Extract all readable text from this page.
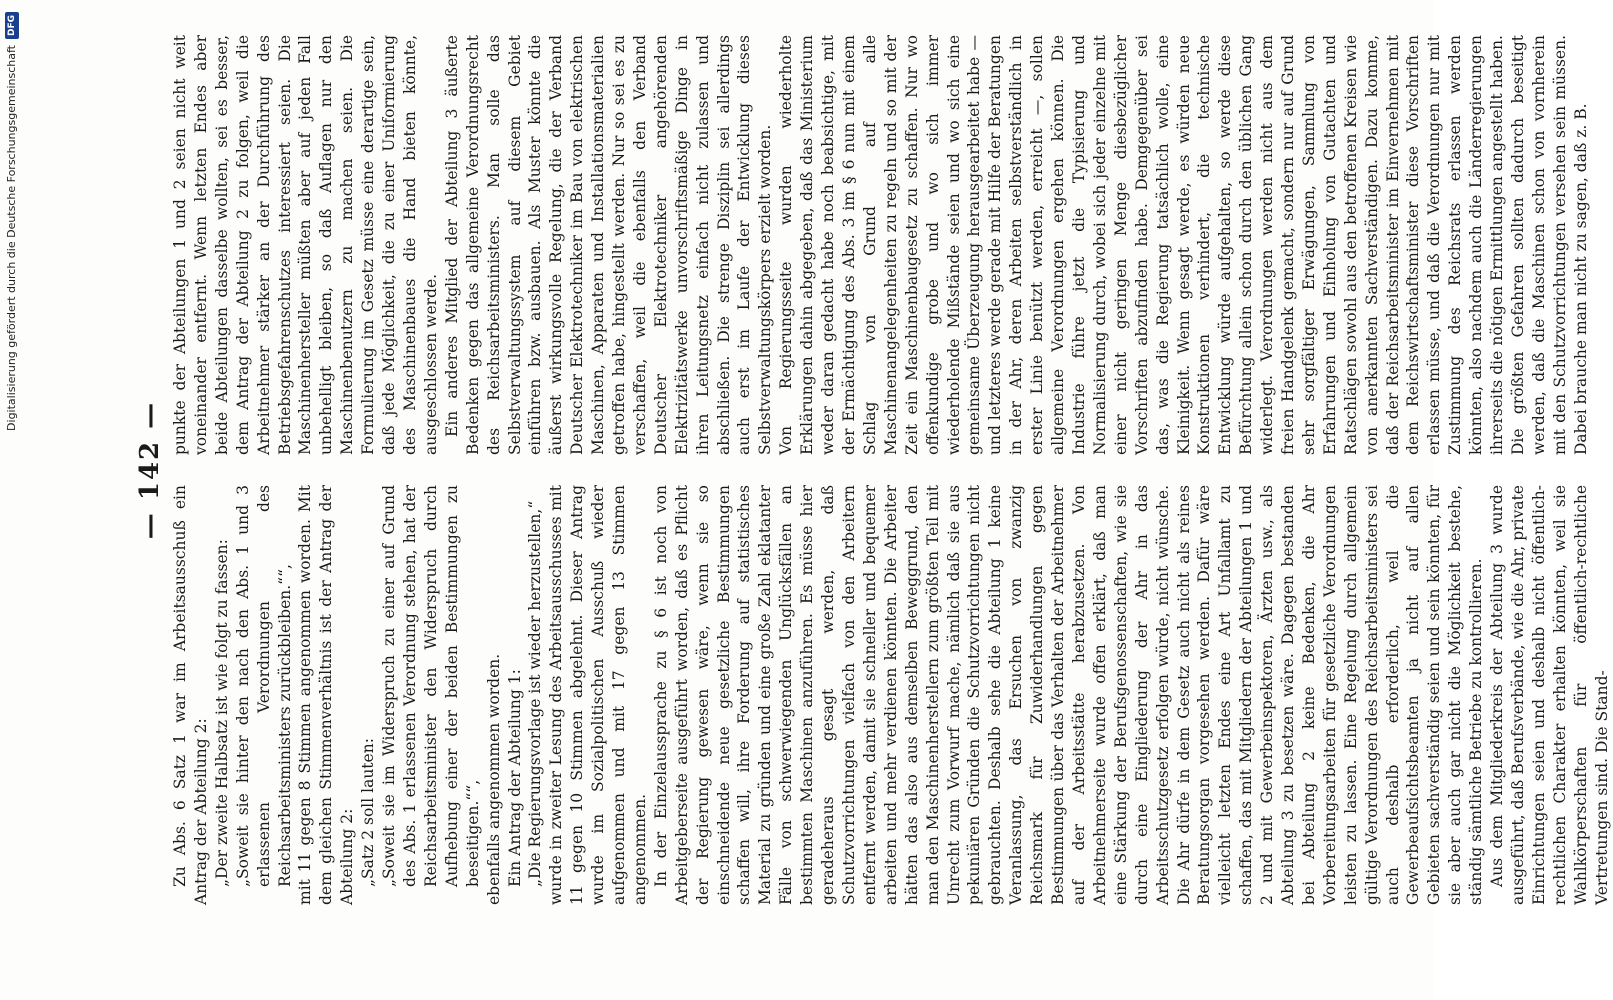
— 142 —

Zu Abs. 6 Satz 1 war im Arbeitsausschuß ein Antrag der Abteilung 2: „Der zweite Halbsatz ist wie folgt zu fassen: „Soweit sie hinter den nach den Abs. 1 und 3 erlassenen Verordnungen des Reichsarbeitsministers zurückbleiben.““, mit 11 gegen 8 Stimmen angenommen worden. Mit dem gleichen Stimmenverhältnis ist der Antrag der Abteilung 2: „Satz 2 soll lauten: „Soweit sie im Widerspruch zu einer auf Grund des Abs. 1 erlassenen Verordnung stehen, hat der Reichsarbeitsminister den Widerspruch durch Aufhebung einer der beiden Bestimmungen zu beseitigen.““, ebenfalls angenommen worden. Ein Antrag der Abteilung 1: „Die Regierungsvorlage ist wieder herzustellen,“ wurde in zweiter Lesung des Arbeitsausschusses mit 11 gegen 10 Stimmen abgelehnt. Dieser Antrag wurde im Sozialpolitischen Ausschuß wieder aufgenommen und mit 17 gegen 13 Stimmen angenommen. In der Einzelaussprache zu § 6 ist noch von Arbeitgeberseite ausgeführt worden, daß es Pflicht der Regierung gewesen wäre, wenn sie so einschneidende neue gesetzliche Bestimmungen schaffen will, ihre Forderung auf statistisches Material zu gründen und eine große Zahl eklatanter Fälle von schwerwiegenden Unglücksfällen an bestimmten Maschinen anzuführen. Es müsse hier geradeheraus gesagt werden, daß Schutzvorrichtungen vielfach von den Arbeitern entfernt werden, damit sie schneller und bequemer arbeiten und mehr verdienen könnten. Die Arbeiter hätten das also aus demselben Beweggrund, den man den Maschinenherstellern zum größten Teil mit Unrecht zum Vorwurf mache, nämlich daß sie aus pekuniären Gründen die Schutzvorrichtungen nicht gebrauchten. Deshalb sehe die Abteilung 1 keine Veranlassung, das Ersuchen von zwanzig Reichsmark für Zuwiderhandlungen gegen Bestimmungen über das Verhalten der Arbeitnehmer auf der Arbeitsstätte herabzusetzen. Von Arbeitnehmerseite wurde offen erklärt, daß man eine Stärkung der Berufsgenossenschaften, wie sie durch eine Eingliederung der Ahr in das Arbeitsschutzgesetz erfolgen würde, nicht wünsche. Die Ahr dürfe in dem Gesetz auch nicht als reines Beratungsorgan vorgesehen werden. Dafür wäre vielleicht letzten Endes eine Art Unfallamt zu schaffen, das mit Mitgliedern der Abteilungen 1 und 2 und mit Gewerbeinspektoren, Ärzten usw., als Abteilung 3 zu besetzen wäre. Dagegen bestanden bei Abteilung 2 keine Bedenken, die Ahr Vorbereitungsarbeiten für gesetzliche Verordnungen leisten zu lassen. Eine Regelung durch allgemein gültige Verordnungen des Reichsarbeitsministers sei auch deshalb erforderlich, weil die Gewerbeaufsichtsbeamten ja nicht auf allen Gebieten sachverständig seien und sein könnten, für sie aber auch gar nicht die Möglichkeit bestehe, ständig sämtliche Betriebe zu kontrollieren. Aus dem Mitgliederkreis der Abteilung 3 wurde ausgeführt, daß Berufsverbände, wie die Ahr, private Einrichtungen seien und deshalb nicht öffentlich-rechtlichen Charakter erhalten könnten, weil sie Wahlkörperschaften für öffentlich-rechtliche Vertretungen sind. Die Stand-

punkte der Abteilungen 1 und 2 seien nicht weit voneinander entfernt. Wenn letzten Endes aber beide Abteilungen dasselbe wollten, sei es besser, dem Antrag der Abteilung 2 zu folgen, weil die Arbeitnehmer stärker an der Durchführung des Betriebsgefahrenschutzes interessiert seien. Die Maschinenhersteller müßten aber auf jeden Fall unbehelligt bleiben, so daß Auflagen nur den Maschinenbenutzern zu machen seien. Die Formulierung im Gesetz müsse eine derartige sein, daß jede Möglichkeit, die zu einer Uniformierung des Maschinenbaues die Hand bieten könnte, ausgeschlossen werde. Ein anderes Mitglied der Abteilung 3 äußerte Bedenken gegen das allgemeine Verordnungsrecht des Reichsarbeitsministers. Man solle das Selbstverwaltungssystem auf diesem Gebiet einführen bzw. ausbauen. Als Muster könnte die äußerst wirkungsvolle Regelung, die der Verband Deutscher Elektrotechniker im Bau von elektrischen Maschinen, Apparaten und Installationsmaterialien getroffen habe, hingestellt werden. Nur so sei es zu verschaffen, weil die ebenfalls den Verband Deutscher Elektrotechniker angehörenden Elektrizitätswerke unvorschriftsmäßige Dinge in ihren Leitungsnetz einfach nicht zulassen und abschließen. Die strenge Disziplin sei allerdings auch erst im Laufe der Entwicklung dieses Selbstverwaltungskörpers erzielt worden. Von Regierungsseite wurden wiederholte Erklärungen dahin abgegeben, daß das Ministerium weder daran gedacht habe noch beabsichtige, mit der Ermächtigung des Abs. 3 im § 6 nun mit einem Schlag von Grund auf alle Maschinenangelegenheiten zu regeln und so mit der Zeit ein Maschinenbaugesetz zu schaffen. Nur wo offenkundige grobe und wo sich immer wiederholende Mißstände seien und wo sich eine gemeinsame Überzeugung herausgearbeitet habe — und letzteres werde gerade mit Hilfe der Beratungen in der Ahr, deren Arbeiten selbstverständlich in erster Linie benützt werden, erreicht —, sollen allgemeine Verordnungen ergehen können. Die Industrie führe jetzt die Typisierung und Normalisierung durch, wobei sich jeder einzelne mit einer nicht geringen Menge diesbezüglicher Vorschriften abzufinden habe. Demgegenüber sei das, was die Regierung tatsächlich wolle, eine Kleinigkeit. Wenn gesagt werde, es würden neue Konstruktionen verhindert, die technische Entwicklung würde aufgehalten, so werde diese Befürchtung allein schon durch den üblichen Gang widerlegt. Verordnungen werden nicht aus dem freien Handgelenk gemacht, sondern nur auf Grund sehr sorgfältiger Erwägungen, Sammlung von Erfahrungen und Einholung von Gutachten und Ratschlägen sowohl aus den betroffenen Kreisen wie von anerkannten Sachverständigen. Dazu komme, daß der Reichsarbeitsminister im Einvernehmen mit dem Reichswirtschaftsminister diese Vorschriften erlassen müsse, und daß die Verordnungen nur mit Zustimmung des Reichsrats erlassen werden könnten, also nachdem auch die Länderregierungen ihrerseits die nötigen Ermittlungen angestellt haben. Die größten Gefahren sollten dadurch beseitigt werden, daß die Maschinen schon von vornherein mit den Schutzvorrichtungen versehen sein müssen. Dabei brauche man nicht zu sagen, daß z. B.

Digitalisierung gefördert durch die Deutsche Forschungsgemeinschaft
DFG
